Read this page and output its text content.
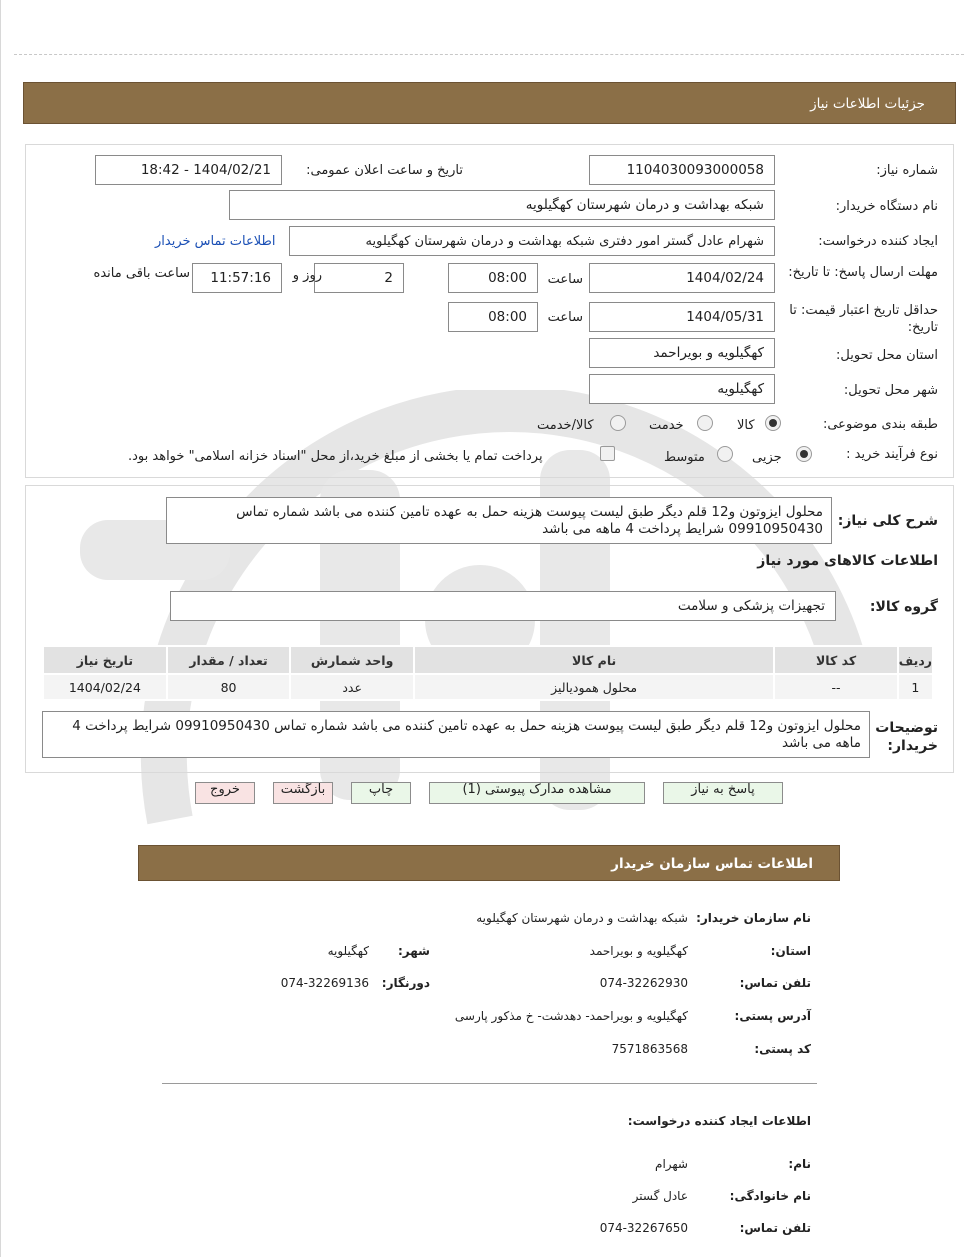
جزئیات اطلاعات نیاز
شماره نیاز:
1104030093000058
تاریخ و ساعت اعلان عمومی:
1404/02/21 - 18:42
نام دستگاه خریدار:
شبکه بهداشت و درمان شهرستان کهگیلویه
ایجاد کننده درخواست:
شهرام عادل گستر امور دفتری شبکه بهداشت و درمان شهرستان کهگیلویه
اطلاعات تماس خریدار
مهلت ارسال پاسخ: تا تاریخ:
1404/02/24
ساعت
08:00
2
روز و
11:57:16
ساعت باقی مانده
حداقل تاریخ اعتبار قیمت: تا تاریخ:
1404/05/31
ساعت
08:00
استان محل تحویل:
کهگیلویه و بویراحمد
شهر محل تحویل:
کهگیلویه
طبقه بندی موضوعی:
کالا
خدمت
کالا/خدمت
نوع فرآیند خرید :
جزیی
متوسط
پرداخت تمام یا بخشی از مبلغ خرید،از محل "اسناد خزانه اسلامی" خواهد بود.
شرح کلی نیاز:
محلول ایزوتون و12 قلم دیگر طبق لیست پیوست هزینه حمل به عهده تامین کننده می باشد شماره تماس 09910950430 شرایط پرداخت 4 ماهه می باشد
اطلاعات کالاهای مورد نیاز
گروه کالا:
تجهیزات پزشکی و سلامت
ردیف	کد کالا	نام کالا	واحد شمارش	تعداد / مقدار	تاریخ نیاز
1	--	محلول همودیالیز	عدد	80	1404/02/24
توضیحات خریدار:
محلول ایزوتون و12 قلم دیگر طبق لیست پیوست هزینه حمل به عهده تامین کننده می باشد شماره تماس 09910950430 شرایط پرداخت 4 ماهه می باشد
پاسخ به نیاز
مشاهده مدارک پیوستی (1)
چاپ
بازگشت
خروج
اطلاعات تماس سازمان خریدار
نام سازمان خریدار:
شبکه بهداشت و درمان شهرستان کهگیلویه
استان:
کهگیلویه و بویراحمد
شهر:
کهگیلویه
تلفن تماس:
074-32262930
دورنگار:
074-32269136
آدرس پستی:
کهگیلویه و بویراحمد- دهدشت- خ مذکور پارسی
کد پستی:
7571863568
اطلاعات ایجاد کننده درخواست:
نام:
شهرام
نام خانوادگی:
عادل گستر
تلفن تماس:
074-32267650
